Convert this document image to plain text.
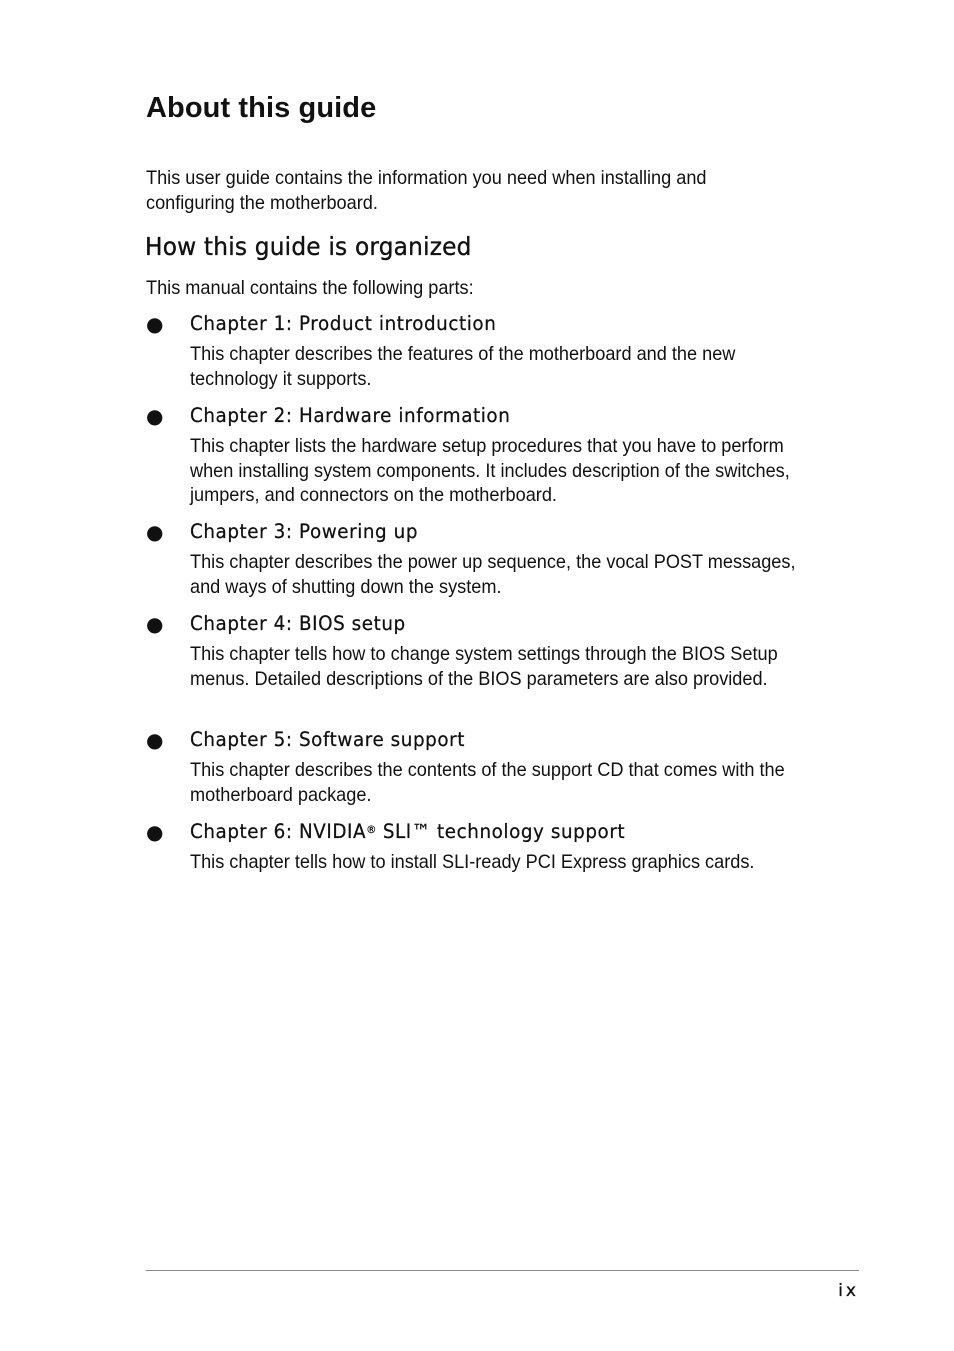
About this guide

This user guide contains the information you need when installing and configuring the motherboard.

How this guide is organized

This manual contains the following parts:

● Chapter 1: Product introduction

This chapter describes the features of the motherboard and the new technology it supports.

● Chapter 2: Hardware information

This chapter lists the hardware setup procedures that you have to perform when installing system components. It includes description of the switches, jumpers, and connectors on the motherboard.

● Chapter 3: Powering up

This chapter describes the power up sequence, the vocal POST messages, and ways of shutting down the system.

● Chapter 4: BIOS setup

This chapter tells how to change system settings through the BIOS Setup menus. Detailed descriptions of the BIOS parameters are also provided.

● Chapter 5: Software support

This chapter describes the contents of the support CD that comes with the motherboard package.

● Chapter 6: NVIDIA® SLI™ technology support

This chapter tells how to install SLI-ready PCI Express graphics cards.

ix
